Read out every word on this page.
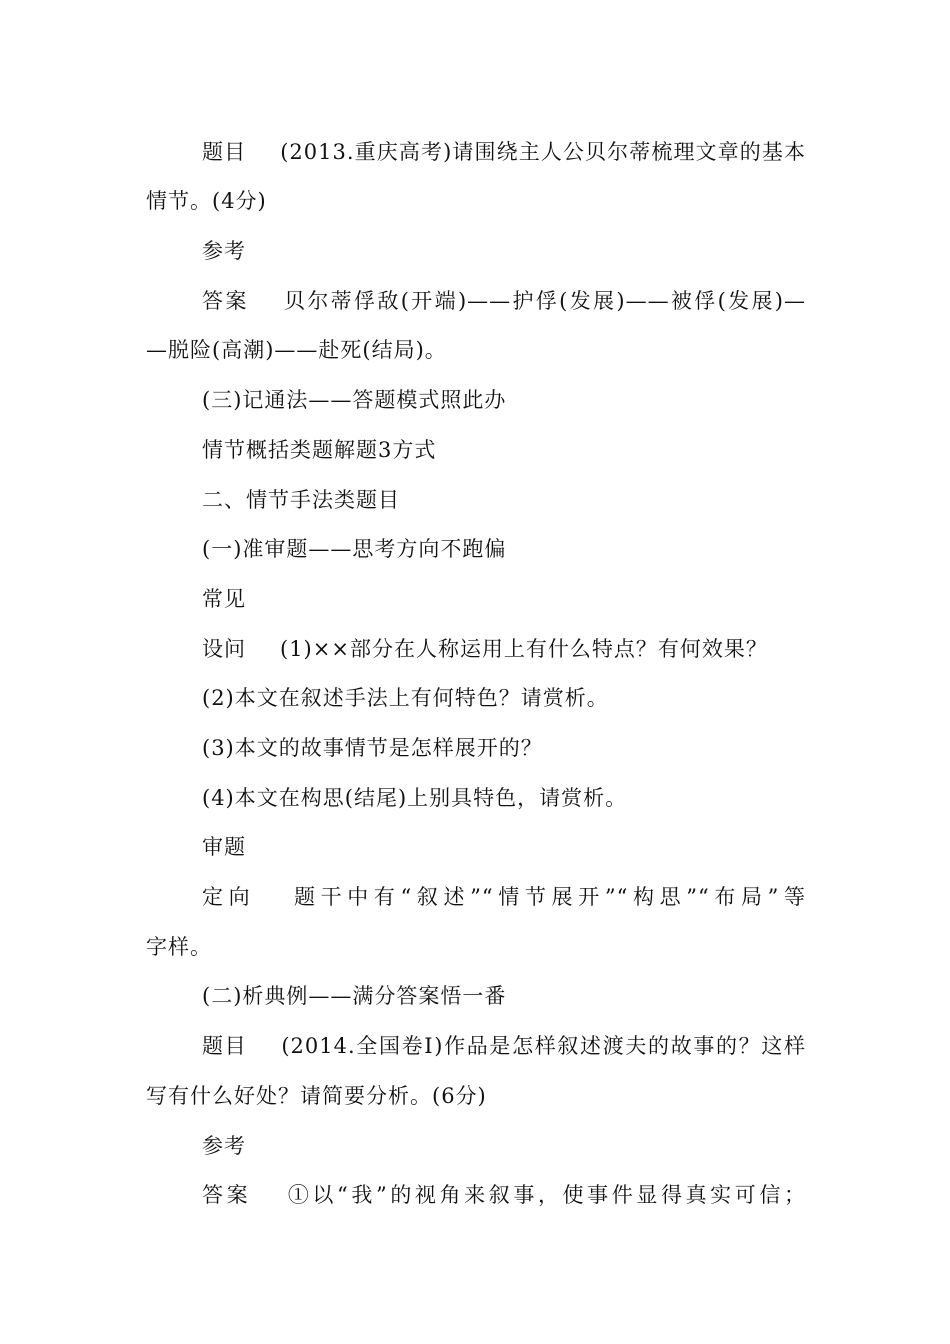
题目 (2013.重庆高考)请围绕主人公贝尔蒂梳理文章的基本
情节。(4分)
参考
答案 贝尔蒂俘敌(开端)——护俘(发展)——被俘(发展)—
—脱险(高潮)——赴死(结局)。
(三)记通法——答题模式照此办
情节概括类题解题3方式
二、情节手法类题目
(一)准审题——思考方向不跑偏
常见
设问 (1)××部分在人称运用上有什么特点？有何效果？
(2)本文在叙述手法上有何特色？请赏析。
(3)本文的故事情节是怎样展开的？
(4)本文在构思(结尾)上别具特色，请赏析。
审题
定向 题干中有“叙述”“情节展开”“构思”“布局”等
字样。
(二)析典例——满分答案悟一番
题目 (2014.全国卷Ⅰ)作品是怎样叙述渡夫的故事的？这样
写有什么好处？请简要分析。(6分)
参考
答案 ①以“我”的视角来叙事，使事件显得真实可信；
